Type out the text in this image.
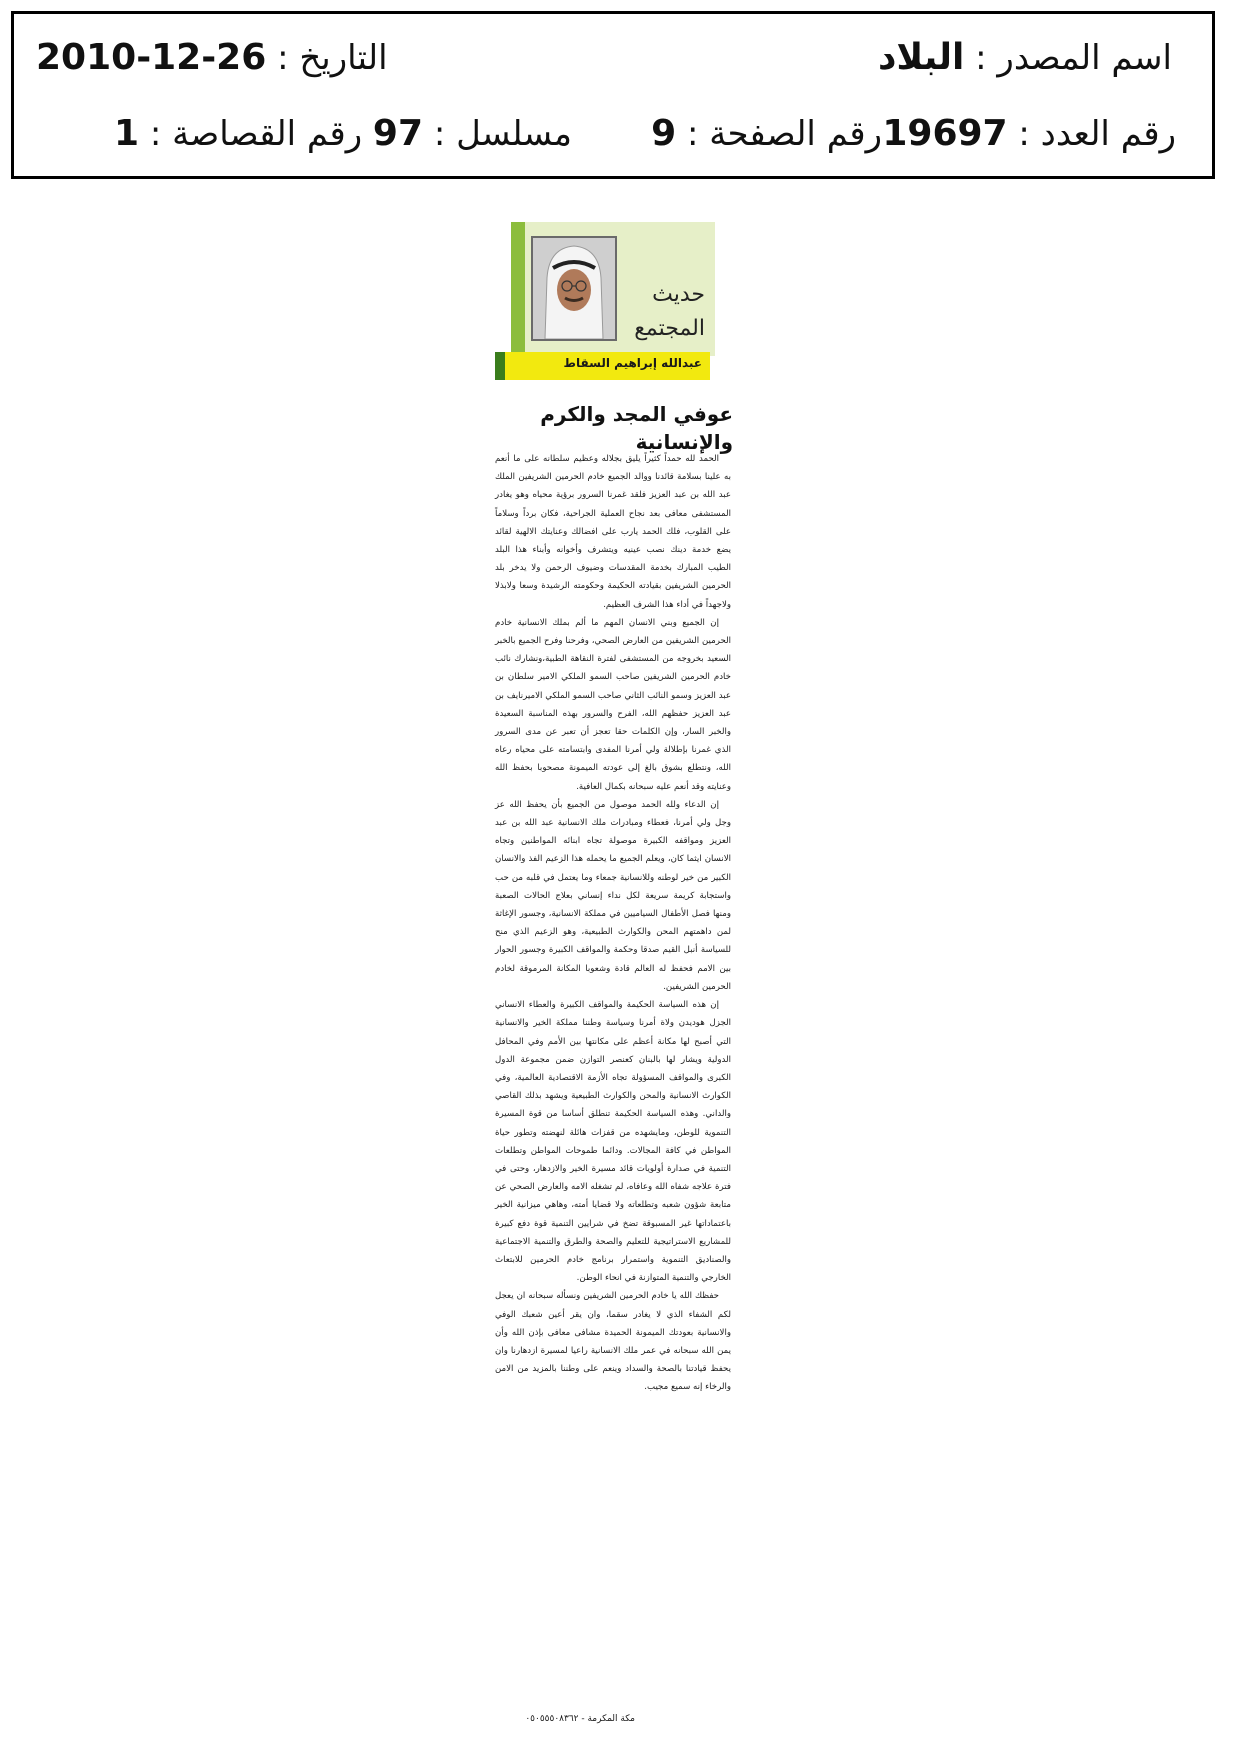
اسم المصدر : البلاد
التاريخ : 2010-12-26
رقم العدد : 19697
رقم الصفحة : 9
مسلسل : 97
رقم القصاصة : 1
حديث
المجتمع
عبدالله إبراهيم السقاط
عوفي المجد والكرم والإنسانية

الحمد لله حمداً كثيراً يليق بجلاله وعظيم سلطانه على ما أنعم به علينا بسلامة قائدنا ووالد الجميع خادم الحرمين الشريفين الملك عبد الله بن عبد العزيز فلقد غمرنا السرور برؤية محياه وهو يغادر المستشفى معافى بعد نجاح العملية الجراحية، فكان برداً وسلاماً على القلوب، فلك الحمد يارب على افضالك وعنايتك الالهية لقائد يضع خدمة دينك نصب عينيه ويتشرف وأخوانه وأبناء هذا البلد الطيب المبارك بخدمة المقدسات وضيوف الرحمن ولا يدخر بلد الحرمين الشريفين بقيادته الحكيمة وحكومته الرشيدة وسعا ولابذلا ولاجهداً في أداء هذا الشرف العظيم.

إن الجميع وبني الانسان المهم ما ألم بملك الانسانية خادم الحرمين الشريفين من العارض الصحي، وفرحنا وفرح الجميع بالخبر السعيد بخروجه من المستشفى لفترة النقاهة الطبية،ونشارك نائب خادم الحرمين الشريفين صاحب السمو الملكي الامير سلطان بن عبد العزيز وسمو النائب الثاني صاحب السمو الملكي الاميرنايف بن عبد العزيز حفظهم الله، الفرح والسرور بهذه المناسبة السعيدة والخبر السار، وإن الكلمات حقا تعجز أن تعبر عن مدى السرور الذي غمرنا بإطلالة ولي أمرنا المفدى وابتسامته على محياه رعاه الله، ونتطلع بشوق بالغ إلى عودته الميمونة مصحوبا بحفظ الله وعنايته وقد أنعم عليه سبحانه بكمال العافية.

إن الدعاء ولله الحمد موصول من الجميع بأن يحفظ الله عز وجل ولي أمرنا، فعطاء ومبادرات ملك الانسانية عبد الله بن عبد العزيز ومواقفه الكبيرة موصولة تجاه ابنائه المواطنين وتجاه الانسان ايثما كان، ويعلم الجميع ما يحمله هذا الزعيم الفذ والانسان الكبير من خير لوطنه وللانسانية جمعاء وما يعتمل في قلبه من حب واستجابة كريمة سريعة لكل نداء إنساني بعلاج الحالات الصعبة ومنها فصل الأطفال السياميين في مملكة الانسانية، وجسور الإغاثة لمن داهمتهم المحن والكوارث الطبيعية، وهو الزعيم الذي منح للسياسة أنبل القيم صدقا وحكمة والمواقف الكبيرة وجسور الحوار بين الامم فحفظ له العالم قادة وشعوبا المكانة المرموقة لخادم الحرمين الشريفين.

إن هذه السياسة الحكيمة والمواقف الكبيرة والعطاء الانساني الجزل هوديدن ولاة أمرنا وسياسة وطننا مملكة الخير والانسانية التي أصبح لها مكانة أعظم على مكانتها بين الأمم وفي المحافل الدولية ويشار لها بالبنان كعنصر التوازن ضمن مجموعة الدول الكبرى والمواقف المسؤولة تجاه الأزمة الاقتصادية العالمية، وفي الكوارث الانسانية والمحن والكوارث الطبيعية ويشهد بذلك القاصي والداني. وهذه السياسة الحكيمة تنطلق أساسا من قوة المسيرة التنموية للوطن، ومايشهده من قفزات هائلة لنهضته وتطور حياة المواطن في كافة المجالات. ودائما طموحات المواطن وتطلعات التنمية في صدارة أولويات قائد مسيرة الخير والازدهار، وحتى في فترة علاجه شفاه الله وعافاه، لم تشغله الامه والعارض الصحي عن متابعة شؤون شعبه وتطلعاته ولا قضايا أمته، وهاهي ميزانية الخير باعتماداتها غير المسبوقة تضخ في شرايين التنمية قوة دفع كبيرة للمشاريع الاستراتيجية للتعليم والصحة والطرق والتنمية الاجتماعية والصناديق التنموية واستمرار برنامج خادم الحرمين للابتعاث الخارجي والتنمية المتوازنة في انحاء الوطن.

حفظك الله يا خادم الحرمين الشريفين ونسأله سبحانه ان يعجل لكم الشفاء الذي لا يغادر سقما، وان يقر أعين شعبك الوفي والانسانية بعودتك الميمونة الحميدة مشافى معافى بإذن الله وأن يمن الله سبحانه في عمر ملك الانسانية راعيا لمسيرة ازدهارنا وان يحفظ قيادتنا بالصحة والسداد وينعم على وطننا بالمزيد من الامن والرخاء إنه سميع مجيب.

مكة المكرمة - ٠٥٠٥٥٥٠٨٣٦٢
